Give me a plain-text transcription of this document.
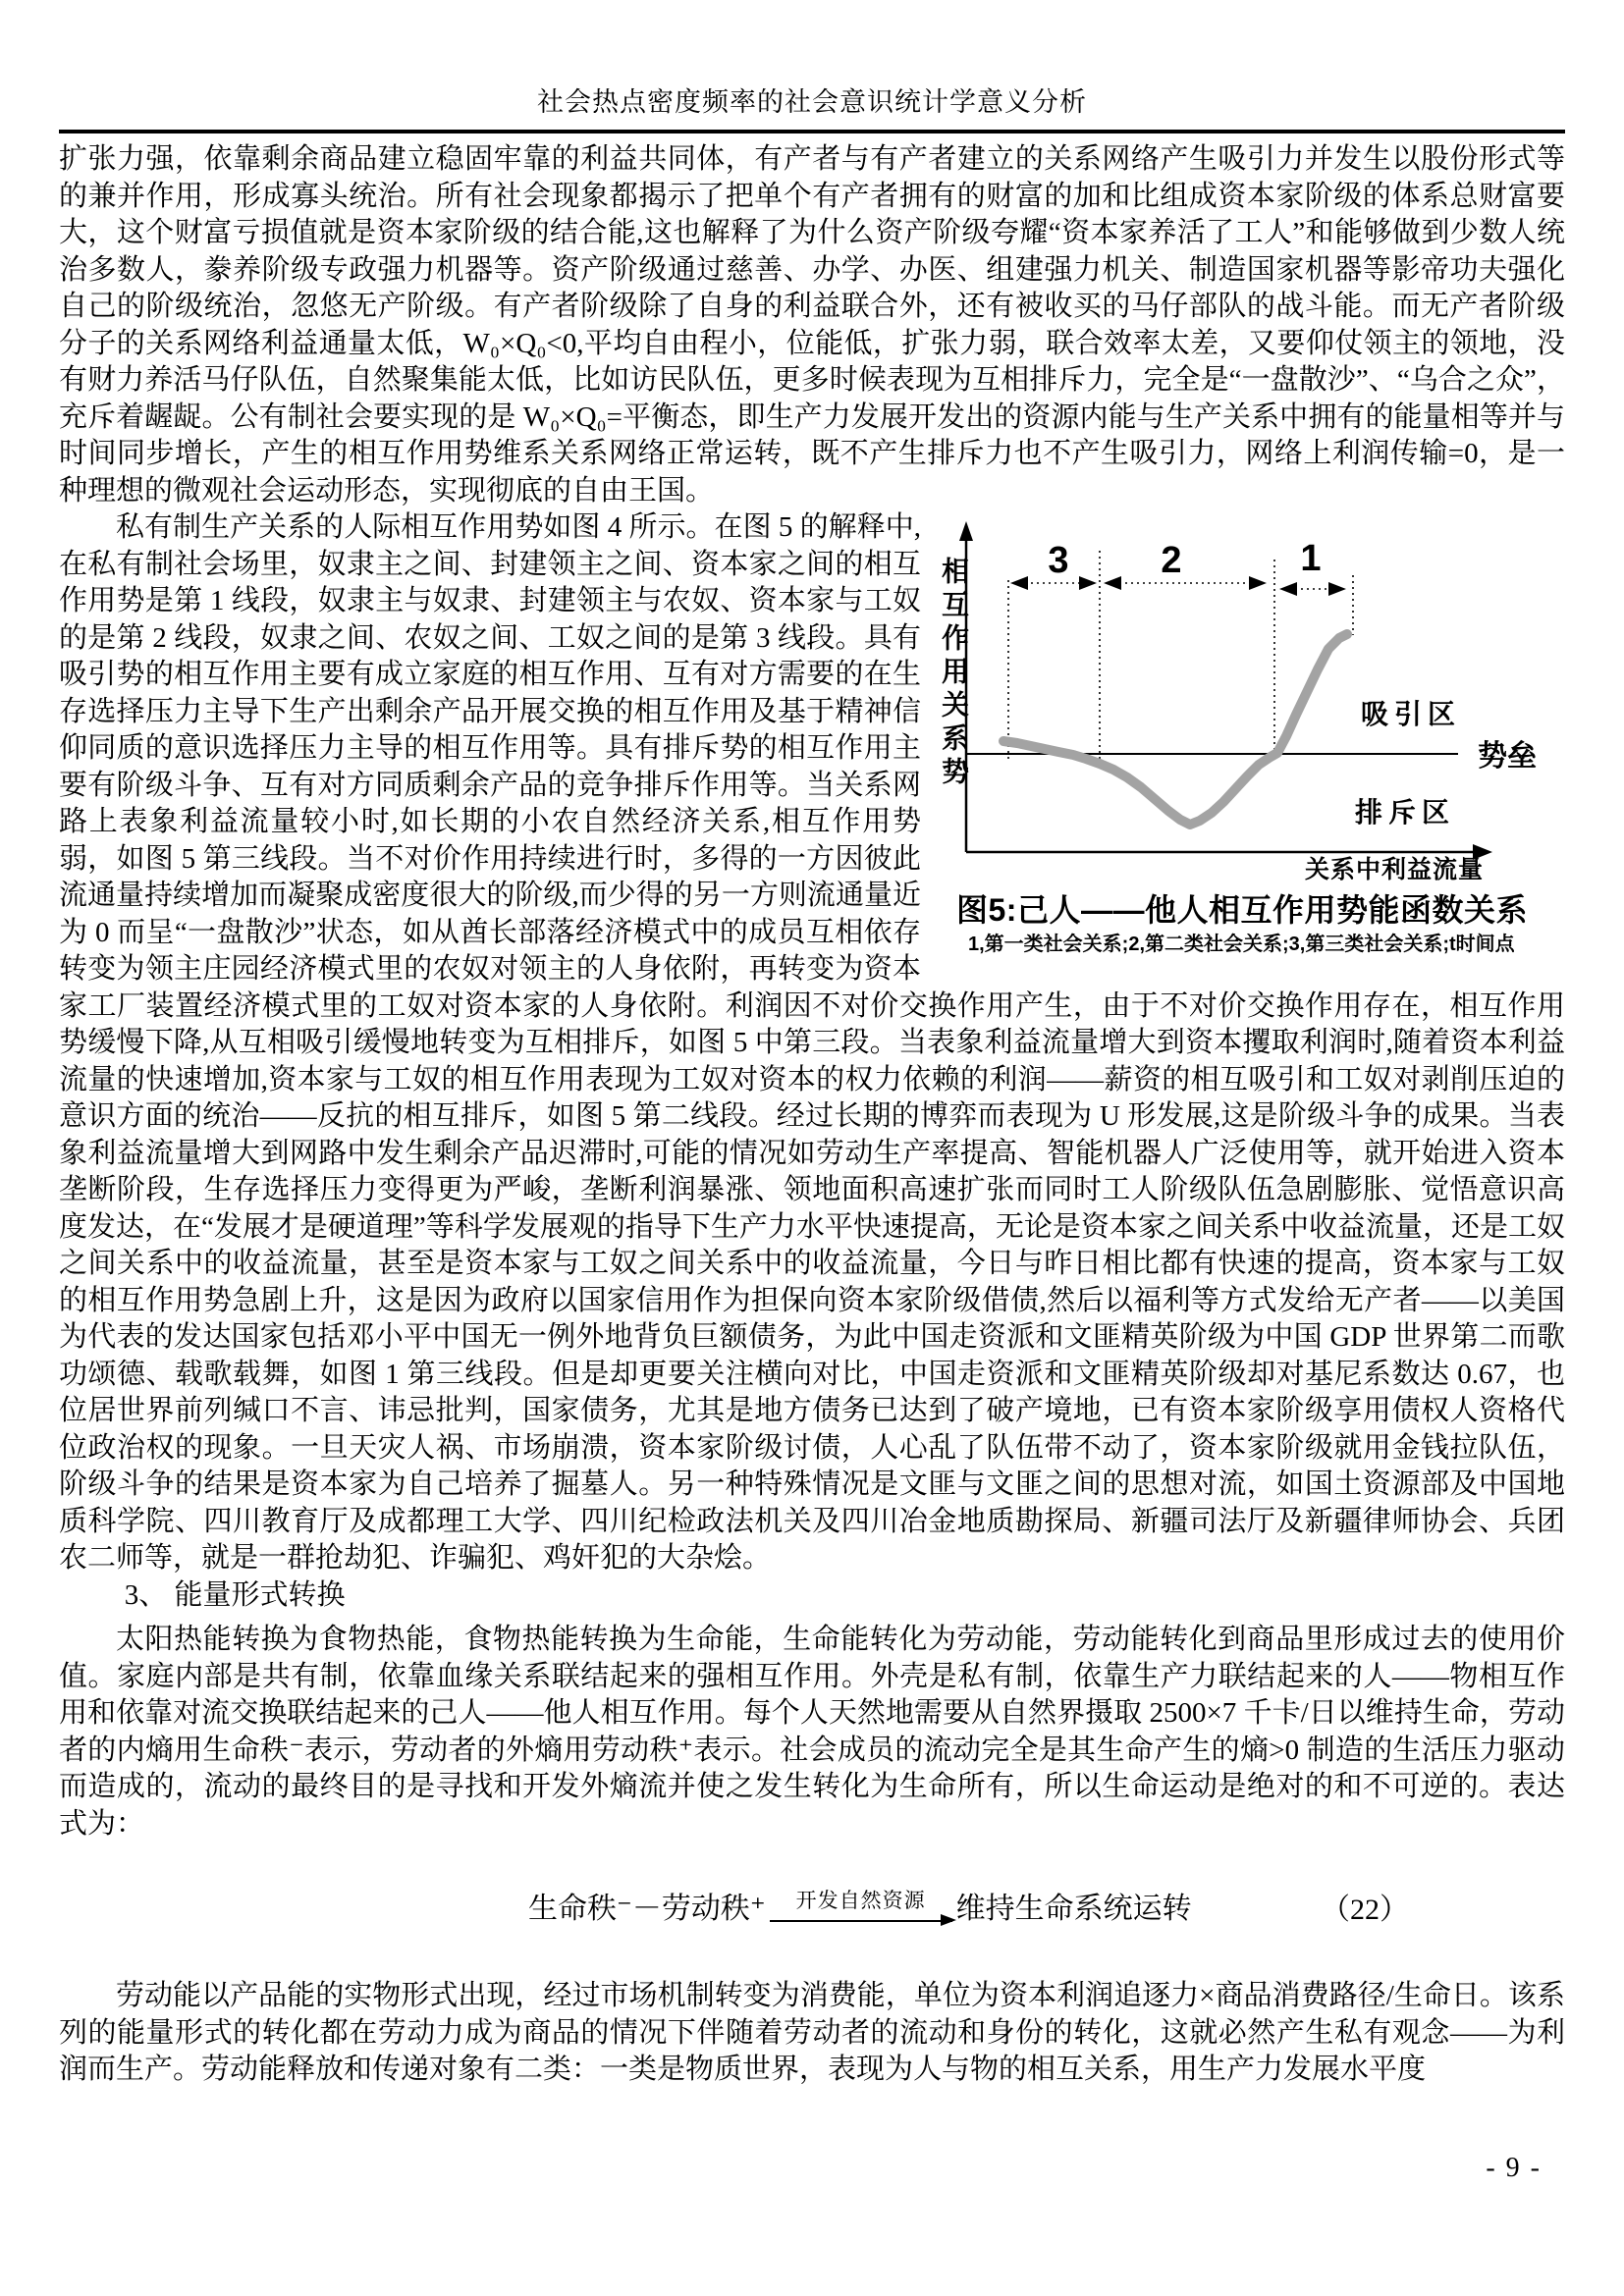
社会热点密度频率的社会意识统计学意义分析

扩张力强，依靠剩余商品建立稳固牢靠的利益共同体，有产者与有产者建立的关系网络产生吸引力并发生以股份形式等的兼并作用，形成寡头统治。所有社会现象都揭示了把单个有产者拥有的财富的加和比组成资本家阶级的体系总财富要大，这个财富亏损值就是资本家阶级的结合能,这也解释了为什么资产阶级夸耀“资本家养活了工人”和能够做到少数人统治多数人，豢养阶级专政强力机器等。资产阶级通过慈善、办学、办医、组建强力机关、制造国家机器等影帝功夫强化自己的阶级统治，忽悠无产阶级。有产者阶级除了自身的利益联合外，还有被收买的马仔部队的战斗能。而无产者阶级分子的关系网络利益通量太低，W₀×Q₀<0,平均自由程小，位能低，扩张力弱，联合效率太差，又要仰仗领主的领地，没有财力养活马仔队伍，自然聚集能太低，比如访民队伍，更多时候表现为互相排斥力，完全是“一盘散沙”、“乌合之众”，充斥着龌龊。公有制社会要实现的是 W₀×Q₀=平衡态，即生产力发展开发出的资源内能与生产关系中拥有的能量相等并与时间同步增长，产生的相互作用势维系关系网络正常运转，既不产生排斥力也不产生吸引力，网络上利润传输=0，是一种理想的微观社会运动形态，实现彻底的自由王国。

3 2	1
吸引区
排斥区
势垒
关系中利益流量
相互作用关系势
图5:己人——他人相互作用势能函数关系
1,第一类社会关系;2,第二类社会关系;3,第三类社会关系;t时间点

私有制生产关系的人际相互作用势如图 4 所示。在图 5 的解释中,在私有制社会场里，奴隶主之间、封建领主之间、资本家之间的相互作用势是第 1 线段，奴隶主与奴隶、封建领主与农奴、资本家与工奴的是第 2 线段，奴隶之间、农奴之间、工奴之间的是第 3 线段。具有吸引势的相互作用主要有成立家庭的相互作用、互有对方需要的在生存选择压力主导下生产出剩余产品开展交换的相互作用及基于精神信仰同质的意识选择压力主导的相互作用等。具有排斥势的相互作用主要有阶级斗争、互有对方同质剩余产品的竞争排斥作用等。当关系网路上表象利益流量较小时,如长期的小农自然经济关系,相互作用势弱，如图 5 第三线段。当不对价作用持续进行时，多得的一方因彼此流通量持续增加而凝聚成密度很大的阶级,而少得的另一方则流通量近为 0 而呈“一盘散沙”状态，如从酋长部落经济模式中的成员互相依存转变为领主庄园经济模式里的农奴对领主的人身依附，再转变为资本家工厂装置经济模式里的工奴对资本家的人身依附。利润因不对价交换作用产生，由于不对价交换作用存在，相互作用势缓慢下降,从互相吸引缓慢地转变为互相排斥，如图 5 中第三段。当表象利益流量增大到资本攫取利润时,随着资本利益流量的快速增加,资本家与工奴的相互作用表现为工奴对资本的权力依赖的利润——薪资的相互吸引和工奴对剥削压迫的意识方面的统治——反抗的相互排斥，如图 5 第二线段。经过长期的博弈而表现为 U 形发展,这是阶级斗争的成果。当表象利益流量增大到网路中发生剩余产品迟滞时,可能的情况如劳动生产率提高、智能机器人广泛使用等，就开始进入资本垄断阶段，生存选择压力变得更为严峻，垄断利润暴涨、领地面积高速扩张而同时工人阶级队伍急剧膨胀、觉悟意识高度发达，在“发展才是硬道理”等科学发展观的指导下生产力水平快速提高，无论是资本家之间关系中收益流量，还是工奴之间关系中的收益流量，甚至是资本家与工奴之间关系中的收益流量，今日与昨日相比都有快速的提高，资本家与工奴的相互作用势急剧上升，这是因为政府以国家信用作为担保向资本家阶级借债,然后以福利等方式发给无产者——以美国为代表的发达国家包括邓小平中国无一例外地背负巨额债务，为此中国走资派和文匪精英阶级为中国 GDP 世界第二而歌功颂德、载歌载舞，如图 1 第三线段。但是却更要关注横向对比，中国走资派和文匪精英阶级却对基尼系数达 0.67，也位居世界前列缄口不言、讳忌批判，国家债务，尤其是地方债务已达到了破产境地，已有资本家阶级享用债权人资格代位政治权的现象。一旦天灾人祸、市场崩溃，资本家阶级讨债，人心乱了队伍带不动了，资本家阶级就用金钱拉队伍，阶级斗争的结果是资本家为自己培养了掘墓人。另一种特殊情况是文匪与文匪之间的思想对流，如国土资源部及中国地质科学院、四川教育厅及成都理工大学、四川纪检政法机关及四川冶金地质勘探局、新疆司法厅及新疆律师协会、兵团农二师等，就是一群抢劫犯、诈骗犯、鸡奸犯的大杂烩。

3、 能量形式转换

太阳热能转换为食物热能，食物热能转换为生命能，生命能转化为劳动能，劳动能转化到商品里形成过去的使用价值。家庭内部是共有制，依靠血缘关系联结起来的强相互作用。外壳是私有制，依靠生产力联结起来的人——物相互作用和依靠对流交换联结起来的己人——他人相互作用。每个人天然地需要从自然界摄取 2500×7 千卡/日以维持生命，劳动者的内熵用生命秩⁻表示，劳动者的外熵用劳动秩⁺表示。社会成员的流动完全是其生命产生的熵>0 制造的生活压力驱动而造成的，流动的最终目的是寻找和开发外熵流并使之发生转化为生命所有，所以生命运动是绝对的和不可逆的。表达式为：

生命秩⁻－劳动秩⁺ 开发自然资源 维持生命系统运转	（22）

劳动能以产品能的实物形式出现，经过市场机制转变为消费能，单位为资本利润追逐力×商品消费路径/生命日。该系列的能量形式的转化都在劳动力成为商品的情况下伴随着劳动者的流动和身份的转化，这就必然产生私有观念——为利润而生产。劳动能释放和传递对象有二类：一类是物质世界，表现为人与物的相互关系，用生产力发展水平度

- 9 -
